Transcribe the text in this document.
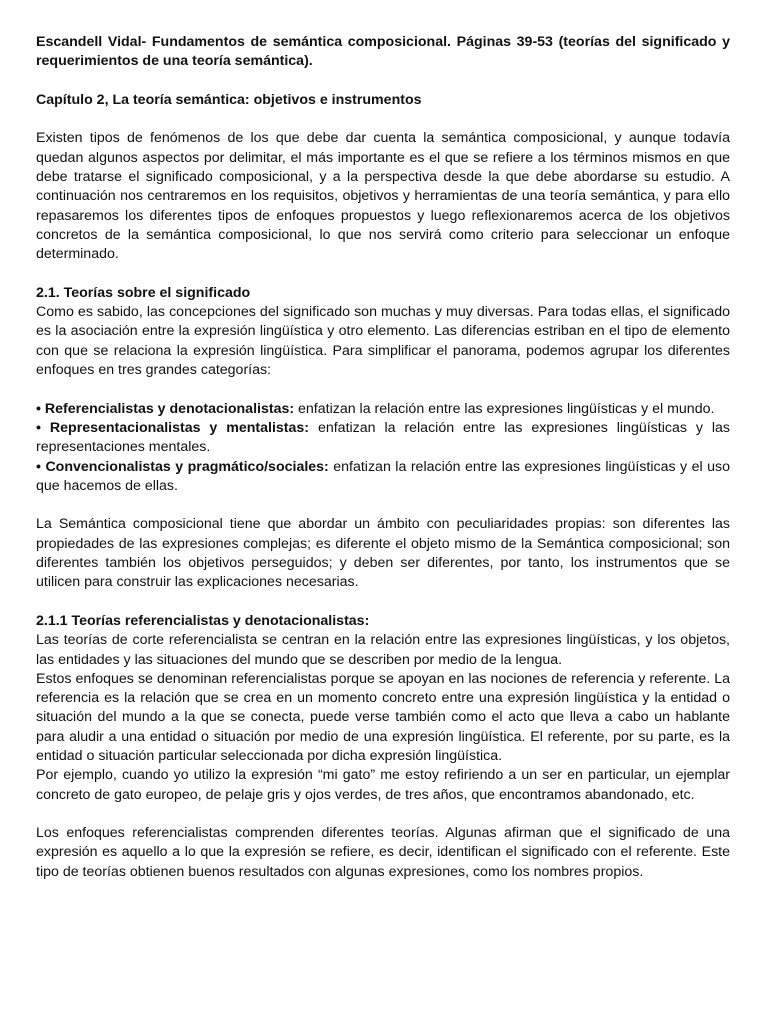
Escandell Vidal- Fundamentos de semántica composicional. Páginas 39-53 (teorías del significado y requerimientos de una teoría semántica).

Capítulo 2, La teoría semántica: objetivos e instrumentos

Existen tipos de fenómenos de los que debe dar cuenta la semántica composicional, y aunque todavía quedan algunos aspectos por delimitar, el más importante es el que se refiere a los términos mismos en que debe tratarse el significado composicional, y a la perspectiva desde la que debe abordarse su estudio. A continuación nos centraremos en los requisitos, objetivos y herramientas de una teoría semántica, y para ello repasaremos los diferentes tipos de enfoques propuestos y luego reflexionaremos acerca de los objetivos concretos de la semántica composicional, lo que nos servirá como criterio para seleccionar un enfoque determinado.

2.1. Teorías sobre el significado

Como es sabido, las concepciones del significado son muchas y muy diversas. Para todas ellas, el significado es la asociación entre la expresión lingüística y otro elemento. Las diferencias estriban en el tipo de elemento con que se relaciona la expresión lingüística. Para simplificar el panorama, podemos agrupar los diferentes enfoques en tres grandes categorías:

• Referencialistas y denotacionalistas: enfatizan la relación entre las expresiones lingüísticas y el mundo.

• Representacionalistas y mentalistas: enfatizan la relación entre las expresiones lingüísticas y las representaciones mentales.

• Convencionalistas y pragmático/sociales: enfatizan la relación entre las expresiones lingüísticas y el uso que hacemos de ellas.

La Semántica composicional tiene que abordar un ámbito con peculiaridades propias: son diferentes las propiedades de las expresiones complejas; es diferente el objeto mismo de la Semántica composicional; son diferentes también los objetivos perseguidos; y deben ser diferentes, por tanto, los instrumentos que se utilicen para construir las explicaciones necesarias.

2.1.1 Teorías referencialistas y denotacionalistas:

Las teorías de corte referencialista se centran en la relación entre las expresiones lingüísticas, y los objetos, las entidades y las situaciones del mundo que se describen por medio de la lengua.

Estos enfoques se denominan referencialistas porque se apoyan en las nociones de referencia y referente. La referencia es la relación que se crea en un momento concreto entre una expresión lingüística y la entidad o situación del mundo a la que se conecta, puede verse también como el acto que lleva a cabo un hablante para aludir a una entidad o situación por medio de una expresión lingüística. El referente, por su parte, es la entidad o situación particular seleccionada por dicha expresión lingüística.

Por ejemplo, cuando yo utilizo la expresión “mi gato” me estoy refiriendo a un ser en particular, un ejemplar concreto de gato europeo, de pelaje gris y ojos verdes, de tres años, que encontramos abandonado, etc.

Los enfoques referencialistas comprenden diferentes teorías. Algunas afirman que el significado de una expresión es aquello a lo que la expresión se refiere, es decir, identifican el significado con el referente. Este tipo de teorías obtienen buenos resultados con algunas expresiones, como los nombres propios.
